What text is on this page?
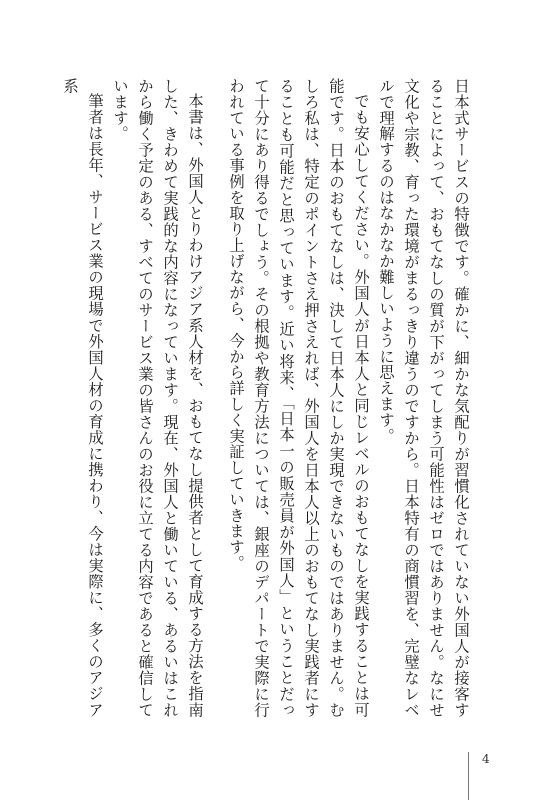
日本式サービスの特徴です。確かに、細かな気配りが習慣化されていない外国人が接客することによって、おもてなしの質が下がってしまう可能性はゼロではありません。なにせ文化や宗教、育った環境がまるっきり違うのですから。日本特有の商慣習を、完璧なレベルで理解するのはなかなか難しいように思えます。

でも安心してください。外国人が日本人と同じレベルのおもてなしを実践することは可能です。日本のおもてなしは、決して日本人にしか実現できないものではありません。むしろ私は、特定のポイントさえ押さえれば、外国人を日本人以上のおもてなし実践者にすることも可能だと思っています。近い将来、「日本一の販売員が外国人」ということだって十分にあり得るでしょう。その根拠や教育方法については、銀座のデパートで実際に行われている事例を取り上げながら、今から詳しく実証していきます。

本書は、外国人とりわけアジア系人材を、おもてなし提供者として育成する方法を指南した、きわめて実践的な内容になっています。現在、外国人と働いている、あるいはこれから働く予定のある、すべてのサービス業の皆さんのお役に立てる内容であると確信しています。

筆者は長年、サービス業の現場で外国人材の育成に携わり、今は実際に、多くのアジア系

4
